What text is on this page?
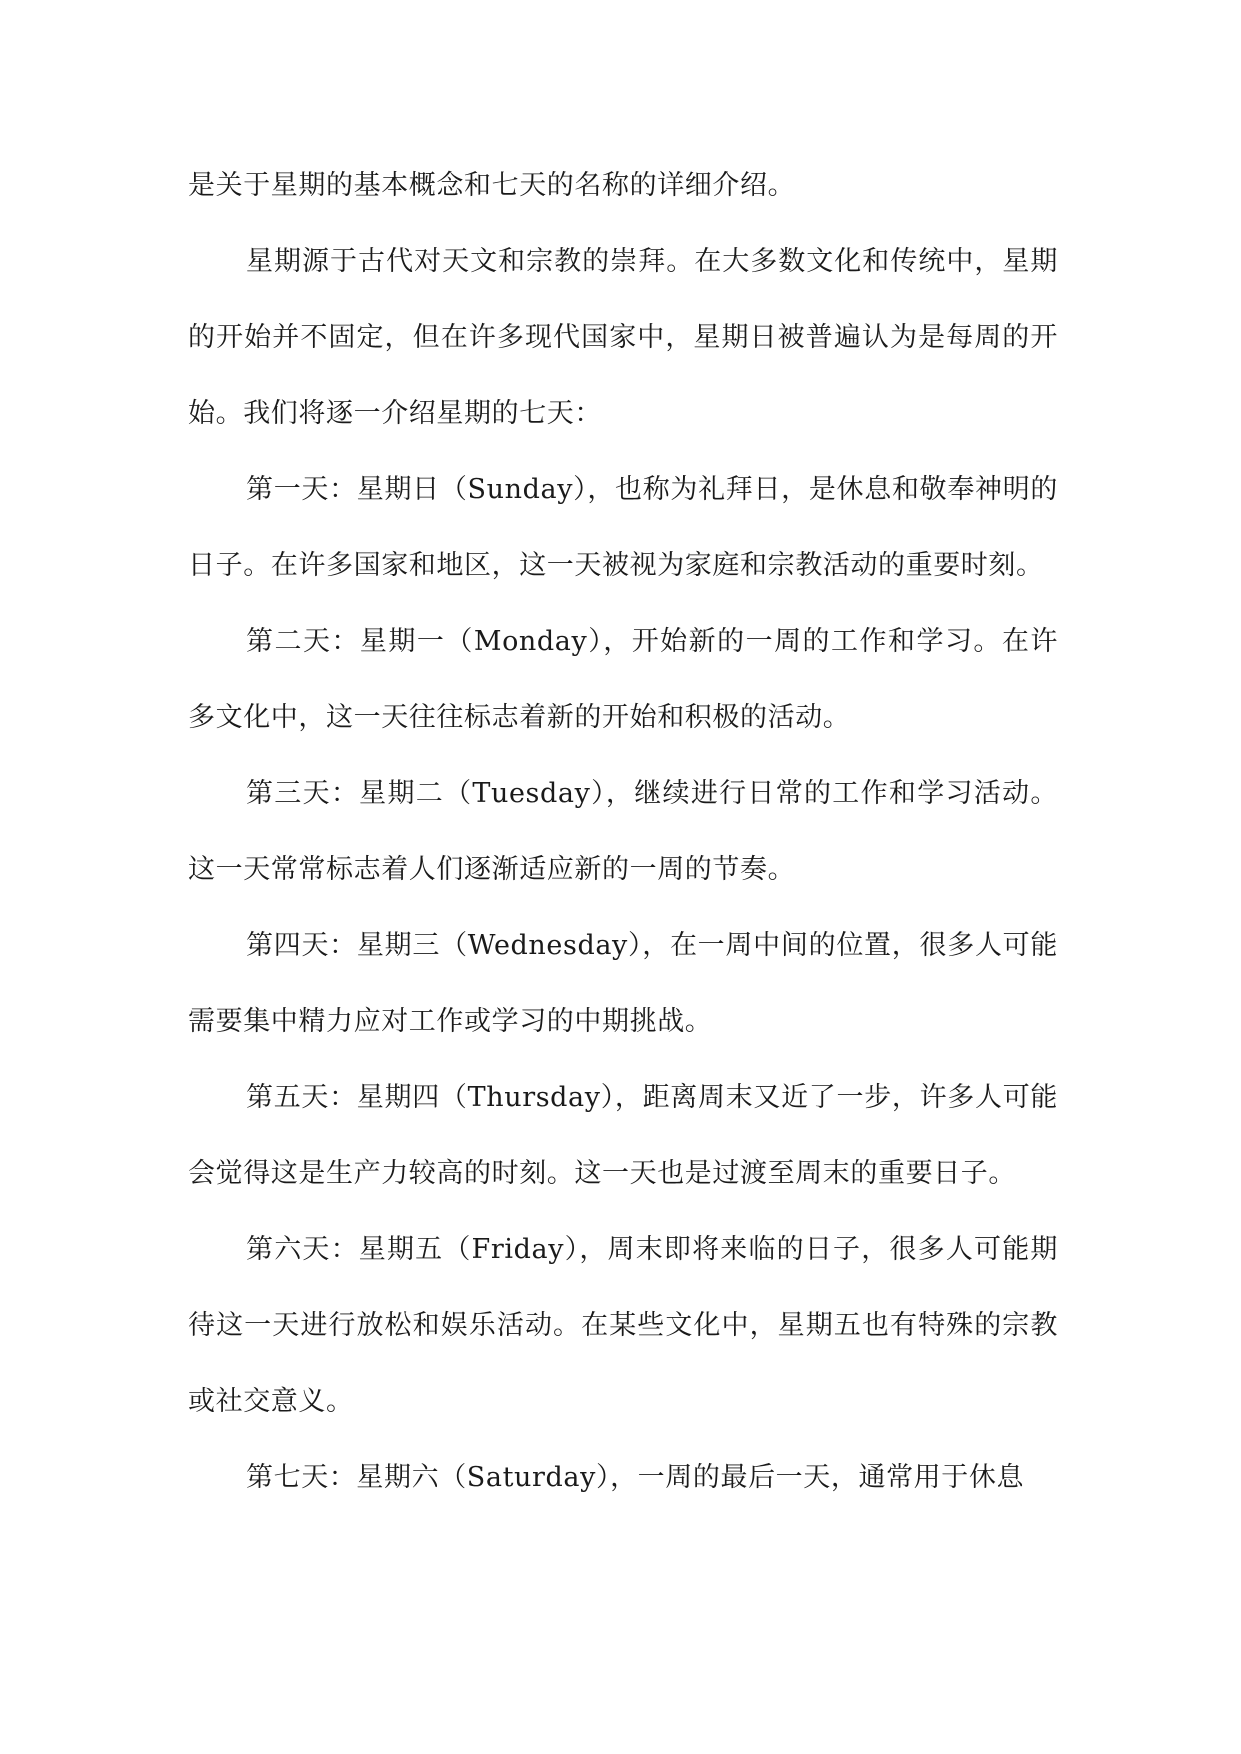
是关于星期的基本概念和七天的名称的详细介绍。

星期源于古代对天文和宗教的崇拜。在大多数文化和传统中，星期的开始并不固定，但在许多现代国家中，星期日被普遍认为是每周的开始。我们将逐一介绍星期的七天：

第一天：星期日（Sunday），也称为礼拜日，是休息和敬奉神明的日子。在许多国家和地区，这一天被视为家庭和宗教活动的重要时刻。

第二天：星期一（Monday），开始新的一周的工作和学习。在许多文化中，这一天往往标志着新的开始和积极的活动。

第三天：星期二（Tuesday），继续进行日常的工作和学习活动。这一天常常标志着人们逐渐适应新的一周的节奏。

第四天：星期三（Wednesday），在一周中间的位置，很多人可能需要集中精力应对工作或学习的中期挑战。

第五天：星期四（Thursday），距离周末又近了一步，许多人可能会觉得这是生产力较高的时刻。这一天也是过渡至周末的重要日子。

第六天：星期五（Friday），周末即将来临的日子，很多人可能期待这一天进行放松和娱乐活动。在某些文化中，星期五也有特殊的宗教或社交意义。

第七天：星期六（Saturday），一周的最后一天，通常用于休息
